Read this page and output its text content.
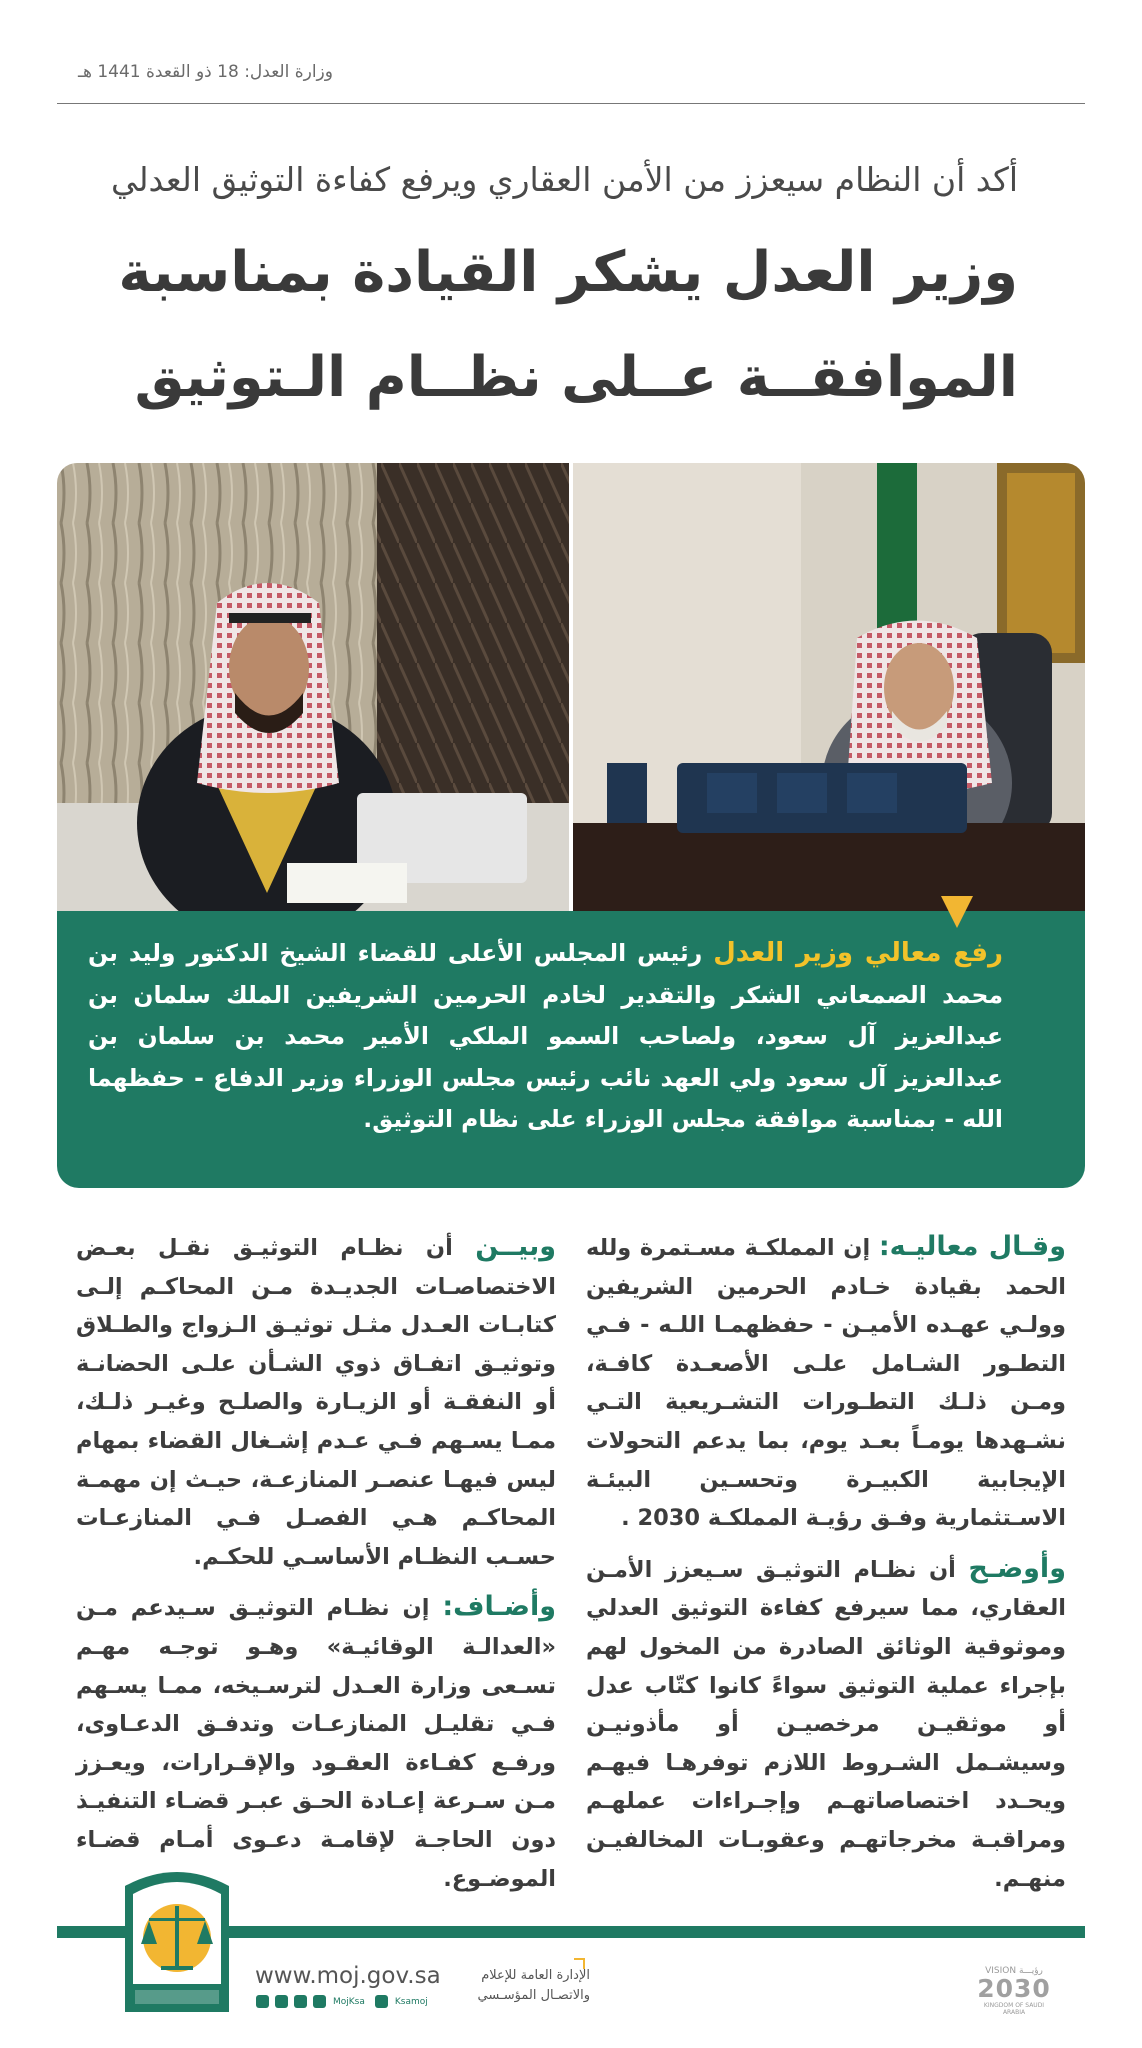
وزارة العدل: 18 ذو القعدة 1441 هـ
أكد أن النظام سيعزز من الأمن العقاري ويرفع كفاءة التوثيق العدلي
وزير العدل يشكر القيادة بمناسبة
الموافقــة عــلى نظــام الـتوثيق
رفع معالي وزير العدل رئيس المجلس الأعلى للقضاء الشيخ الدكتور وليد بن محمد الصمعاني الشكر والتقدير لخادم الحرمين الشريفين الملك سلمان بن عبدالعزيز آل سعود، ولصاحب السمو الملكي الأمير محمد بن سلمان بن عبدالعزيز آل سعود ولي العهد نائب رئيس مجلس الوزراء وزير الدفاع - حفظهما الله - بمناسبة موافقة مجلس الوزراء على نظام التوثيق.

وقـال معاليـه: إن المملكـة مسـتمرة ولله الحمد بقيادة خـادم الحرمين الشريفين وولـي عهـده الأميـن - حفظهمـا اللـه - فـي التطـور الشـامل علـى الأصعـدة كافـة، ومـن ذلـك التطـورات التشـريعية التـي نشـهدها يومـاً بعـد يوم، بما يدعم التحولات الإيجابية الكبيـرة وتحسـين البيئـة الاسـتثمارية وفـق رؤيـة المملكـة 2030 .

وأوضـح أن نظـام التوثيـق سـيعزز الأمـن العقاري، مما سيرفع كفاءة التوثيق العدلي وموثوقية الوثائق الصادرة من المخول لهم بإجراء عملية التوثيق سواءً كانوا كتّاب عدل أو موثقيـن مرخصيـن أو مأذونيـن وسيشـمل الشـروط اللازم توفرهـا فيهـم ويحـدد اختصاصاتهـم وإجـراءات عملهـم ومراقبـة مخرجاتهـم وعقوبـات المخالفيـن منهـم.

وبيــن أن نظـام التوثيـق نقـل بعـض الاختصاصـات الجديـدة مـن المحاكـم إلـى كتابـات العـدل مثـل توثيـق الـزواج والطـلاق وتوثيـق اتفـاق ذوي الشـأن علـى الحضانـة أو النفقـة أو الزيـارة والصلـح وغيـر ذلـك، ممـا يسـهم فـي عـدم إشـغال القضاء بمهام ليس فيهـا عنصـر المنازعـة، حيـث إن مهمـة المحاكـم هـي الفصـل فـي المنازعـات حسـب النظـام الأساسـي للحكـم.

وأضـاف: إن نظـام التوثيـق سـيدعم مـن «العدالـة الوقائيـة» وهـو توجـه مهـم تسـعى وزارة العـدل لترسـيخه، ممـا يسـهم فـي تقليـل المنازعـات وتدفـق الدعـاوى، ورفـع كفـاءة العقـود والإقـرارات، ويعـزز مـن سـرعة إعـادة الحـق عبـر قضـاء التنفيـذ دون الحاجـة لإقامـة دعـوى أمـام قضـاء الموضـوع.

www.moj.gov.sa
MojKsa	Ksamoj
الإدارة العامة للإعلام
والاتصـال المؤسـسي
VISION رؤيـــة
2030
KINGDOM OF SAUDI ARABIA
